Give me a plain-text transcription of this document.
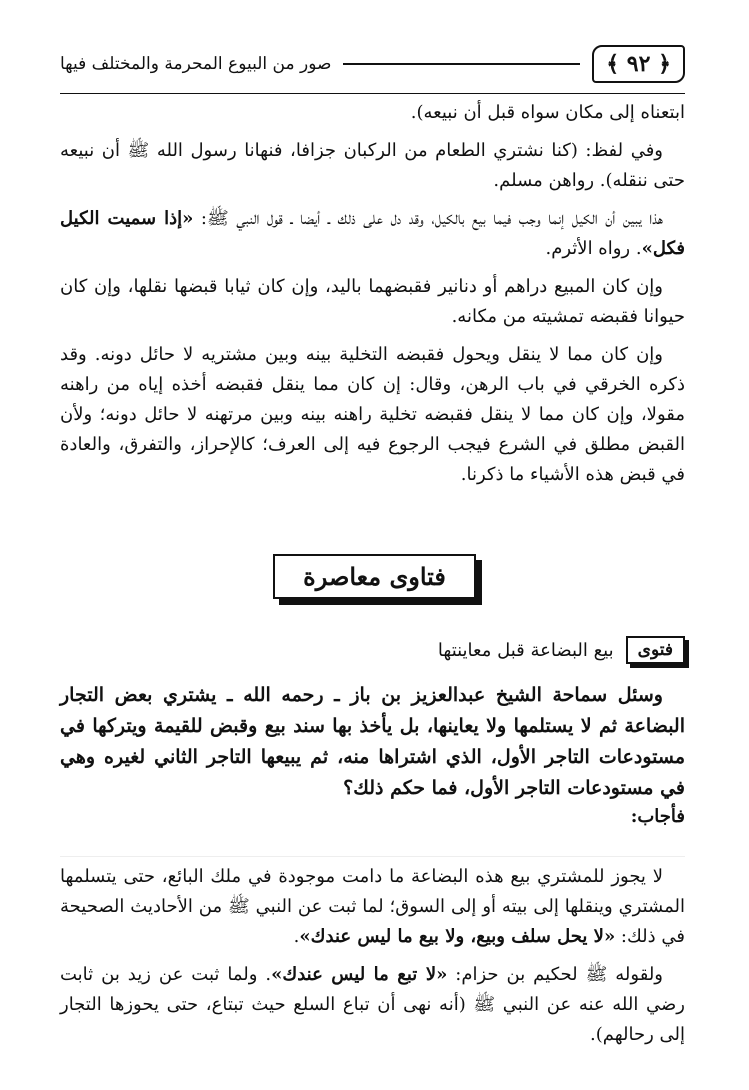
﴿ ٩٢ ﴾
صور من البيوع المحرمة والمختلف فيها

ابتعناه إلى مكان سواه قبل أن نبيعه).

وفي لفظ: (كنا نشتري الطعام من الركبان جزافا، فنهانا رسول الله ﷺ أن نبيعه حتى ننقله). رواهن مسلم.

هذا يبين أن الكيل إنما وجب فيما بيع بالكيل، وقد دل على ذلك ـ أيضا ـ قول النبي ﷺ: «إذا سميت الكيل فكل». رواه الأثرم.

وإن كان المبيع دراهم أو دنانير فقبضهما باليد، وإن كان ثيابا قبضها نقلها، وإن كان حيوانا فقبضه تمشيته من مكانه.

وإن كان مما لا ينقل ويحول فقبضه التخلية بينه وبين مشتريه لا حائل دونه. وقد ذكره الخرقي في باب الرهن، وقال: إن كان مما ينقل فقبضه أخذه إياه من راهنه مقولا، وإن كان مما لا ينقل فقبضه تخلية راهنه بينه وبين مرتهنه لا حائل دونه؛ ولأن القبض مطلق في الشرع فيجب الرجوع فيه إلى العرف؛ كالإحراز، والتفرق، والعادة في قبض هذه الأشياء ما ذكرنا.

فتاوى معاصرة
فتوى
بيع البضاعة قبل معاينتها
وسئل سماحة الشيخ عبدالعزيز بن باز ـ رحمه الله ـ يشتري بعض التجار البضاعة ثم لا يستلمها ولا يعاينها، بل يأخذ بها سند بيع وقبض للقيمة ويتركها في مستودعات التاجر الأول، الذي اشتراها منه، ثم يبيعها التاجر الثاني لغيره وهي في مستودعات التاجر الأول، فما حكم ذلك؟
فأجاب:

لا يجوز للمشتري بيع هذه البضاعة ما دامت موجودة في ملك البائع، حتى يتسلمها المشتري وينقلها إلى بيته أو إلى السوق؛ لما ثبت عن النبي ﷺ من الأحاديث الصحيحة في ذلك: «لا يحل سلف وبيع، ولا بيع ما ليس عندك».

ولقوله ﷺ لحكيم بن حزام: «لا تبع ما ليس عندك». ولما ثبت عن زيد بن ثابت رضي الله عنه عن النبي ﷺ (أنه نهى أن تباع السلع حيث تبتاع، حتى يحوزها التجار إلى رحالهم).
